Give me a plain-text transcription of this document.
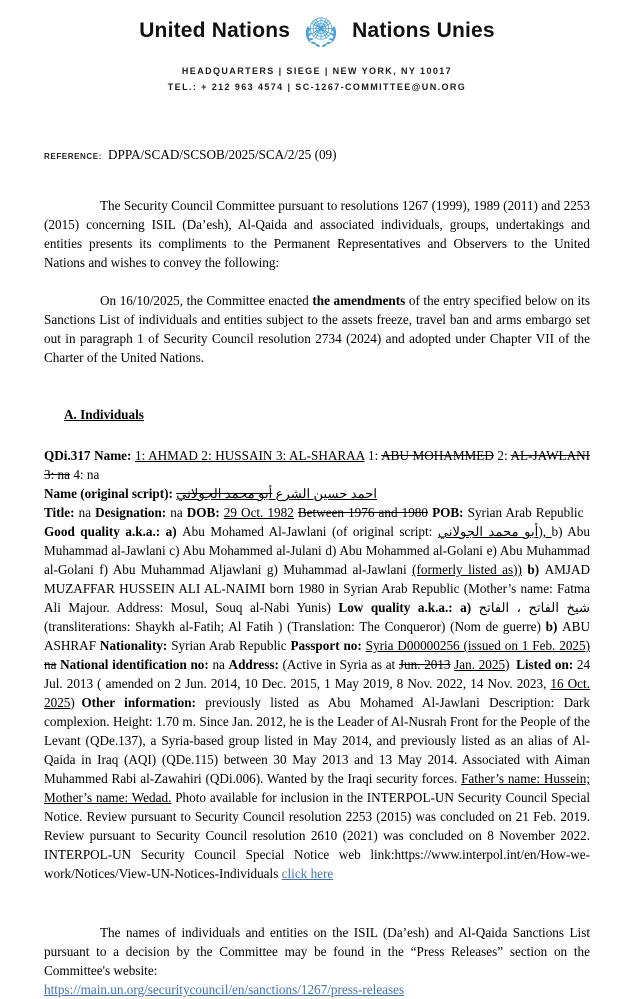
United Nations	Nations Unies
HEADQUARTERS | SIEGE | NEW YORK, NY 10017
TEL.: + 212 963 4574 | SC-1267-COMMITTEE@UN.ORG
REFERENCE: DPPA/SCAD/SCSOB/2025/SCA/2/25 (09)

The Security Council Committee pursuant to resolutions 1267 (1999), 1989 (2011) and 2253 (2015) concerning ISIL (Da’esh), Al-Qaida and associated individuals, groups, undertakings and entities presents its compliments to the Permanent Representatives and Observers to the United Nations and wishes to convey the following:

On 16/10/2025, the Committee enacted the amendments of the entry specified below on its Sanctions List of individuals and entities subject to the assets freeze, travel ban and arms embargo set out in paragraph 1 of Security Council resolution 2734 (2024) and adopted under Chapter VII of the Charter of the United Nations.

A. Individuals

QDi.317 Name: 1: AHMAD 2: HUSSAIN 3: AL-SHARAA 1: ABU MOHAMMED 2: AL-JAWLANI 3: na 4: na
Name (original script):	احمد حسين الشرع أبو محمد الجولاني
Title: na Designation: na DOB: 29 Oct. 1982 Between 1976 and 1980 POB: Syrian Arab Republic Good quality a.k.a.: a) Abu Mohamed Al-Jawlani (of original script: أبو محمد الجولاني), b) Abu Muhammad al-Jawlani c) Abu Mohammed al-Julani d) Abu Mohammed al-Golani e) Abu Muhammad al-Golani f) Abu Muhammad Aljawlani g) Muhammad al-Jawlani (formerly listed as)) b) AMJAD MUZAFFAR HUSSEIN ALI AL-NAIMI born 1980 in Syrian Arab Republic (Mother’s name: Fatma Ali Majour. Address: Mosul, Souq al-Nabi Yunis) Low quality a.k.a.: a) شيخ الفاتح ، الفاتح (transliterations: Shaykh al-Fatih; Al Fatih ) (Translation: The Conqueror) (Nom de guerre) b) ABU ASHRAF Nationality: Syrian Arab Republic Passport no: Syria D00000256 (issued on 1 Feb. 2025) na National identification no: na Address: (Active in Syria as at Jun. 2013 Jan. 2025) Listed on: 24 Jul. 2013 ( amended on 2 Jun. 2014, 10 Dec. 2015, 1 May 2019, 8 Nov. 2022, 14 Nov. 2023, 16 Oct. 2025) Other information: previously listed as Abu Mohamed Al-Jawlani Description: Dark complexion. Height: 1.70 m. Since Jan. 2012, he is the Leader of Al-Nusrah Front for the People of the Levant (QDe.137), a Syria-based group listed in May 2014, and previously listed as an alias of Al-Qaida in Iraq (AQI) (QDe.115) between 30 May 2013 and 13 May 2014. Associated with Aiman Muhammed Rabi al-Zawahiri (QDi.006). Wanted by the Iraqi security forces. Father’s name: Hussein; Mother’s name: Wedad. Photo available for inclusion in the INTERPOL-UN Security Council Special Notice. Review pursuant to Security Council resolution 2253 (2015) was concluded on 21 Feb. 2019. Review pursuant to Security Council resolution 2610 (2021) was concluded on 8 November 2022. INTERPOL-UN Security Council Special Notice web link:https://www.interpol.int/en/How-we-work/Notices/View-UN-Notices-Individuals click here

The names of individuals and entities on the ISIL (Da’esh) and Al-Qaida Sanctions List pursuant to a decision by the Committee may be found in the “Press Releases” section on the Committee's website:
https://main.un.org/securitycouncil/en/sanctions/1267/press-releases
